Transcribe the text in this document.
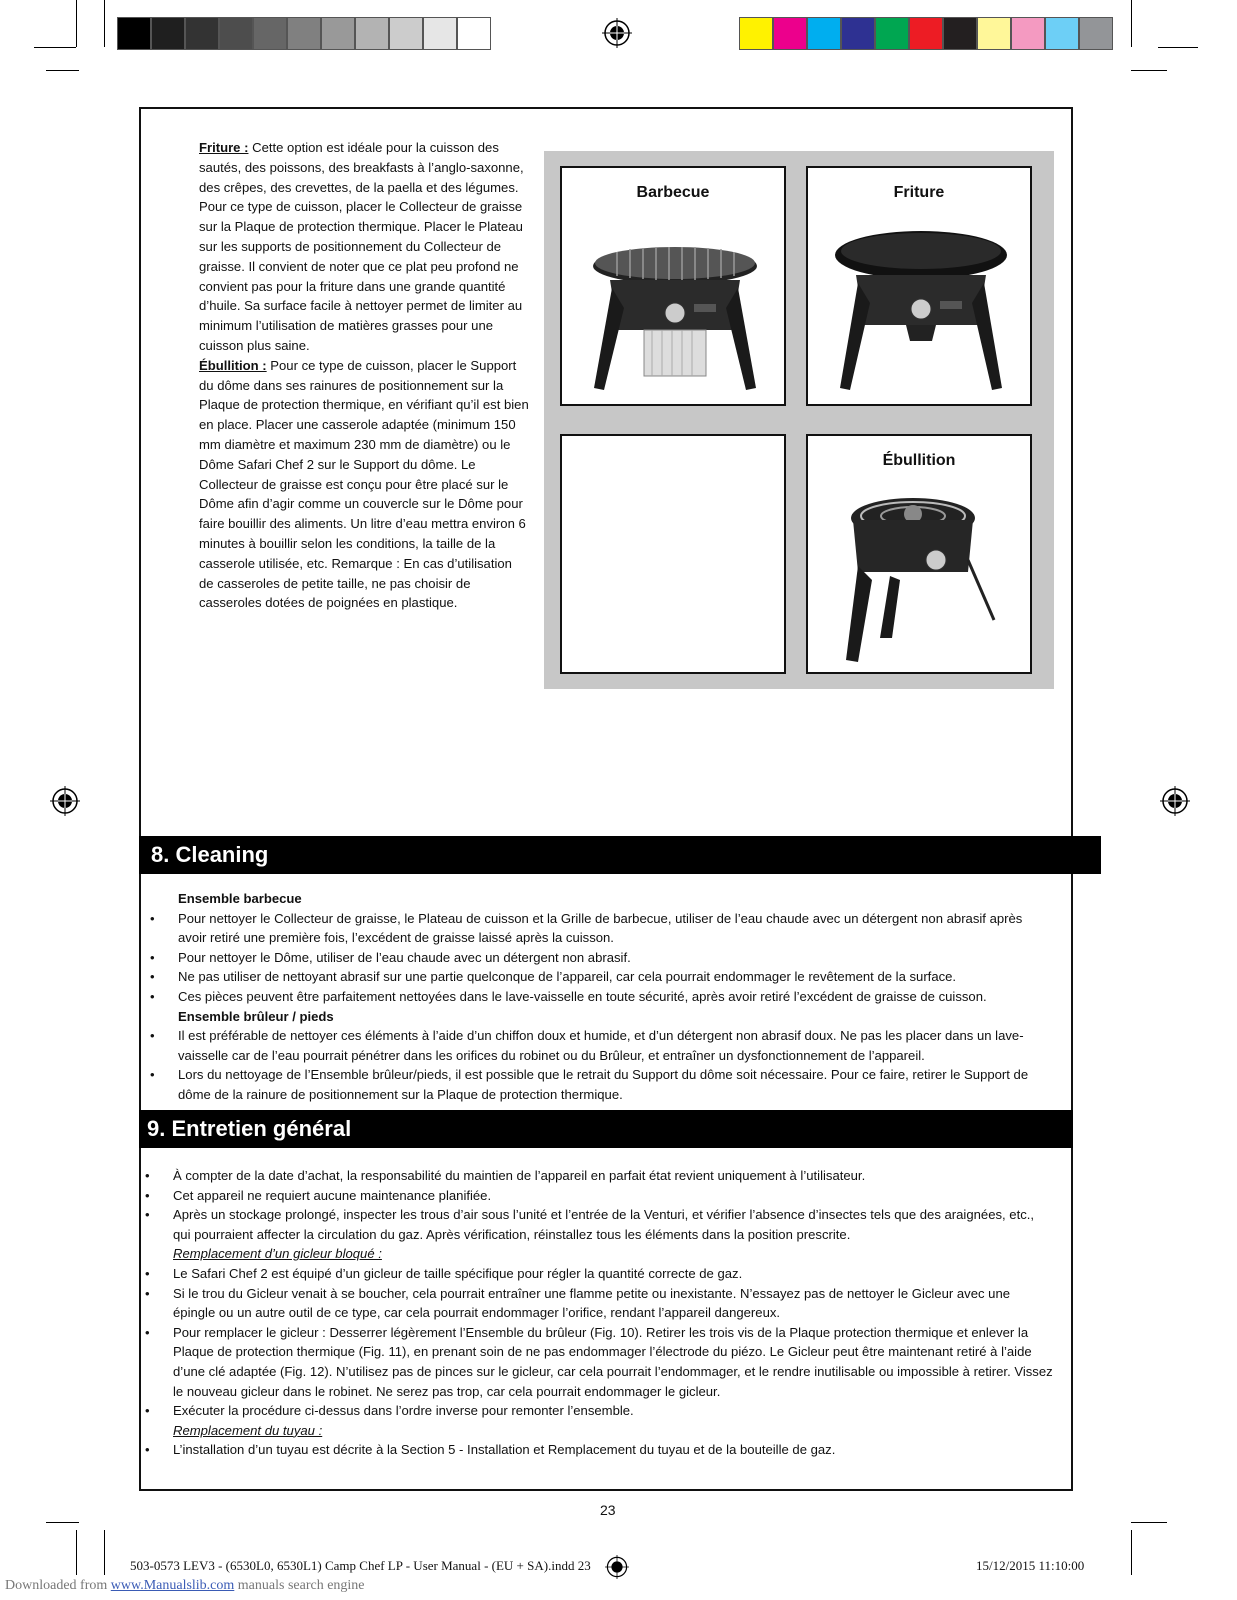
Friture : Cette option est idéale pour la cuisson des sautés, des poissons, des breakfasts à l’anglo-saxonne, des crêpes, des crevettes, de la paella et des légumes. Pour ce type de cuisson, placer le Collecteur de graisse sur la Plaque de protection thermique. Placer le Plateau sur les supports de positionnement du Collecteur de graisse. Il convient de noter que ce plat peu profond ne convient pas pour la friture dans une grande quantité d’huile. Sa surface facile à nettoyer permet de limiter au minimum l’utilisation de matières grasses pour une cuisson plus saine.

Ébullition : Pour ce type de cuisson, placer le Support du dôme dans ses rainures de positionnement sur la Plaque de protection thermique, en vérifiant qu’il est bien en place. Placer une casserole adaptée (minimum 150 mm diamètre et maximum 230 mm de diamètre) ou le Dôme Safari Chef 2 sur le Support du dôme. Le Collecteur de graisse est conçu pour être placé sur le Dôme afin d’agir comme un couvercle sur le Dôme pour faire bouillir des aliments. Un litre d’eau mettra environ 6 minutes à bouillir selon les conditions, la taille de la casserole utilisée, etc. Remarque : En cas d’utilisation de casseroles de petite taille, ne pas choisir de casseroles dotées de poignées en plastique.

Barbecue	Friture
Ébullition
8. Cleaning
Ensemble barbecue
• Pour nettoyer le Collecteur de graisse, le Plateau de cuisson et la Grille de barbecue, utiliser de l’eau chaude avec un détergent non abrasif après avoir retiré une première fois, l’excédent de graisse laissé après la cuisson.
• Pour nettoyer le Dôme, utiliser de l’eau chaude avec un détergent non abrasif.
• Ne pas utiliser de nettoyant abrasif sur une partie quelconque de l’appareil, car cela pourrait endommager le revêtement de la surface.
• Ces pièces peuvent être parfaitement nettoyées dans le lave-vaisselle en toute sécurité, après avoir retiré l’excédent de graisse de cuisson.
Ensemble brûleur / pieds
• Il est préférable de nettoyer ces éléments à l’aide d’un chiffon doux et humide, et d’un détergent non abrasif doux. Ne pas les placer dans un lave-vaisselle car de l’eau pourrait pénétrer dans les orifices du robinet ou du Brûleur, et entraîner un dysfonctionnement de l’appareil.
• Lors du nettoyage de l’Ensemble brûleur/pieds, il est possible que le retrait du Support du dôme soit nécessaire. Pour ce faire, retirer le Support de dôme de la rainure de positionnement sur la Plaque de protection thermique.
9. Entretien général
• À compter de la date d’achat, la responsabilité du maintien de l’appareil en parfait état revient uniquement à l’utilisateur.
• Cet appareil ne requiert aucune maintenance planifiée.
• Après un stockage prolongé, inspecter les trous d’air sous l’unité et l’entrée de la Venturi, et vérifier l’absence d’insectes tels que des araignées, etc., qui pourraient affecter la circulation du gaz. Après vérification, réinstallez tous les éléments dans la position prescrite.
Remplacement d’un gicleur bloqué :
• Le Safari Chef 2 est équipé d’un gicleur de taille spécifique pour régler la quantité correcte de gaz.
• Si le trou du Gicleur venait à se boucher, cela pourrait entraîner une flamme petite ou inexistante. N’essayez pas de nettoyer le Gicleur avec une épingle ou un autre outil de ce type, car cela pourrait endommager l’orifice, rendant l’appareil dangereux.
• Pour remplacer le gicleur : Desserrer légèrement l’Ensemble du brûleur (Fig. 10). Retirer les trois vis de la Plaque protection thermique et enlever la Plaque de protection thermique (Fig. 11), en prenant soin de ne pas endommager l’électrode du piézo. Le Gicleur peut être maintenant retiré à l’aide d’une clé adaptée (Fig. 12). N’utilisez pas de pinces sur le gicleur, car cela pourrait l’endommager, et le rendre inutilisable ou impossible à retirer. Vissez le nouveau gicleur dans le robinet. Ne serez pas trop, car cela pourrait endommager le gicleur.
• Exécuter la procédure ci-dessus dans l’ordre inverse pour remonter l’ensemble.
Remplacement du tuyau :
• L’installation d’un tuyau est décrite à la Section 5 - Installation et Remplacement du tuyau et de la bouteille de gaz.
23
503-0573 LEV3 - (6530L0, 6530L1) Camp Chef LP - User Manual - (EU + SA).indd 23	15/12/2015 11:10:00
Downloaded from www.Manualslib.com manuals search engine
